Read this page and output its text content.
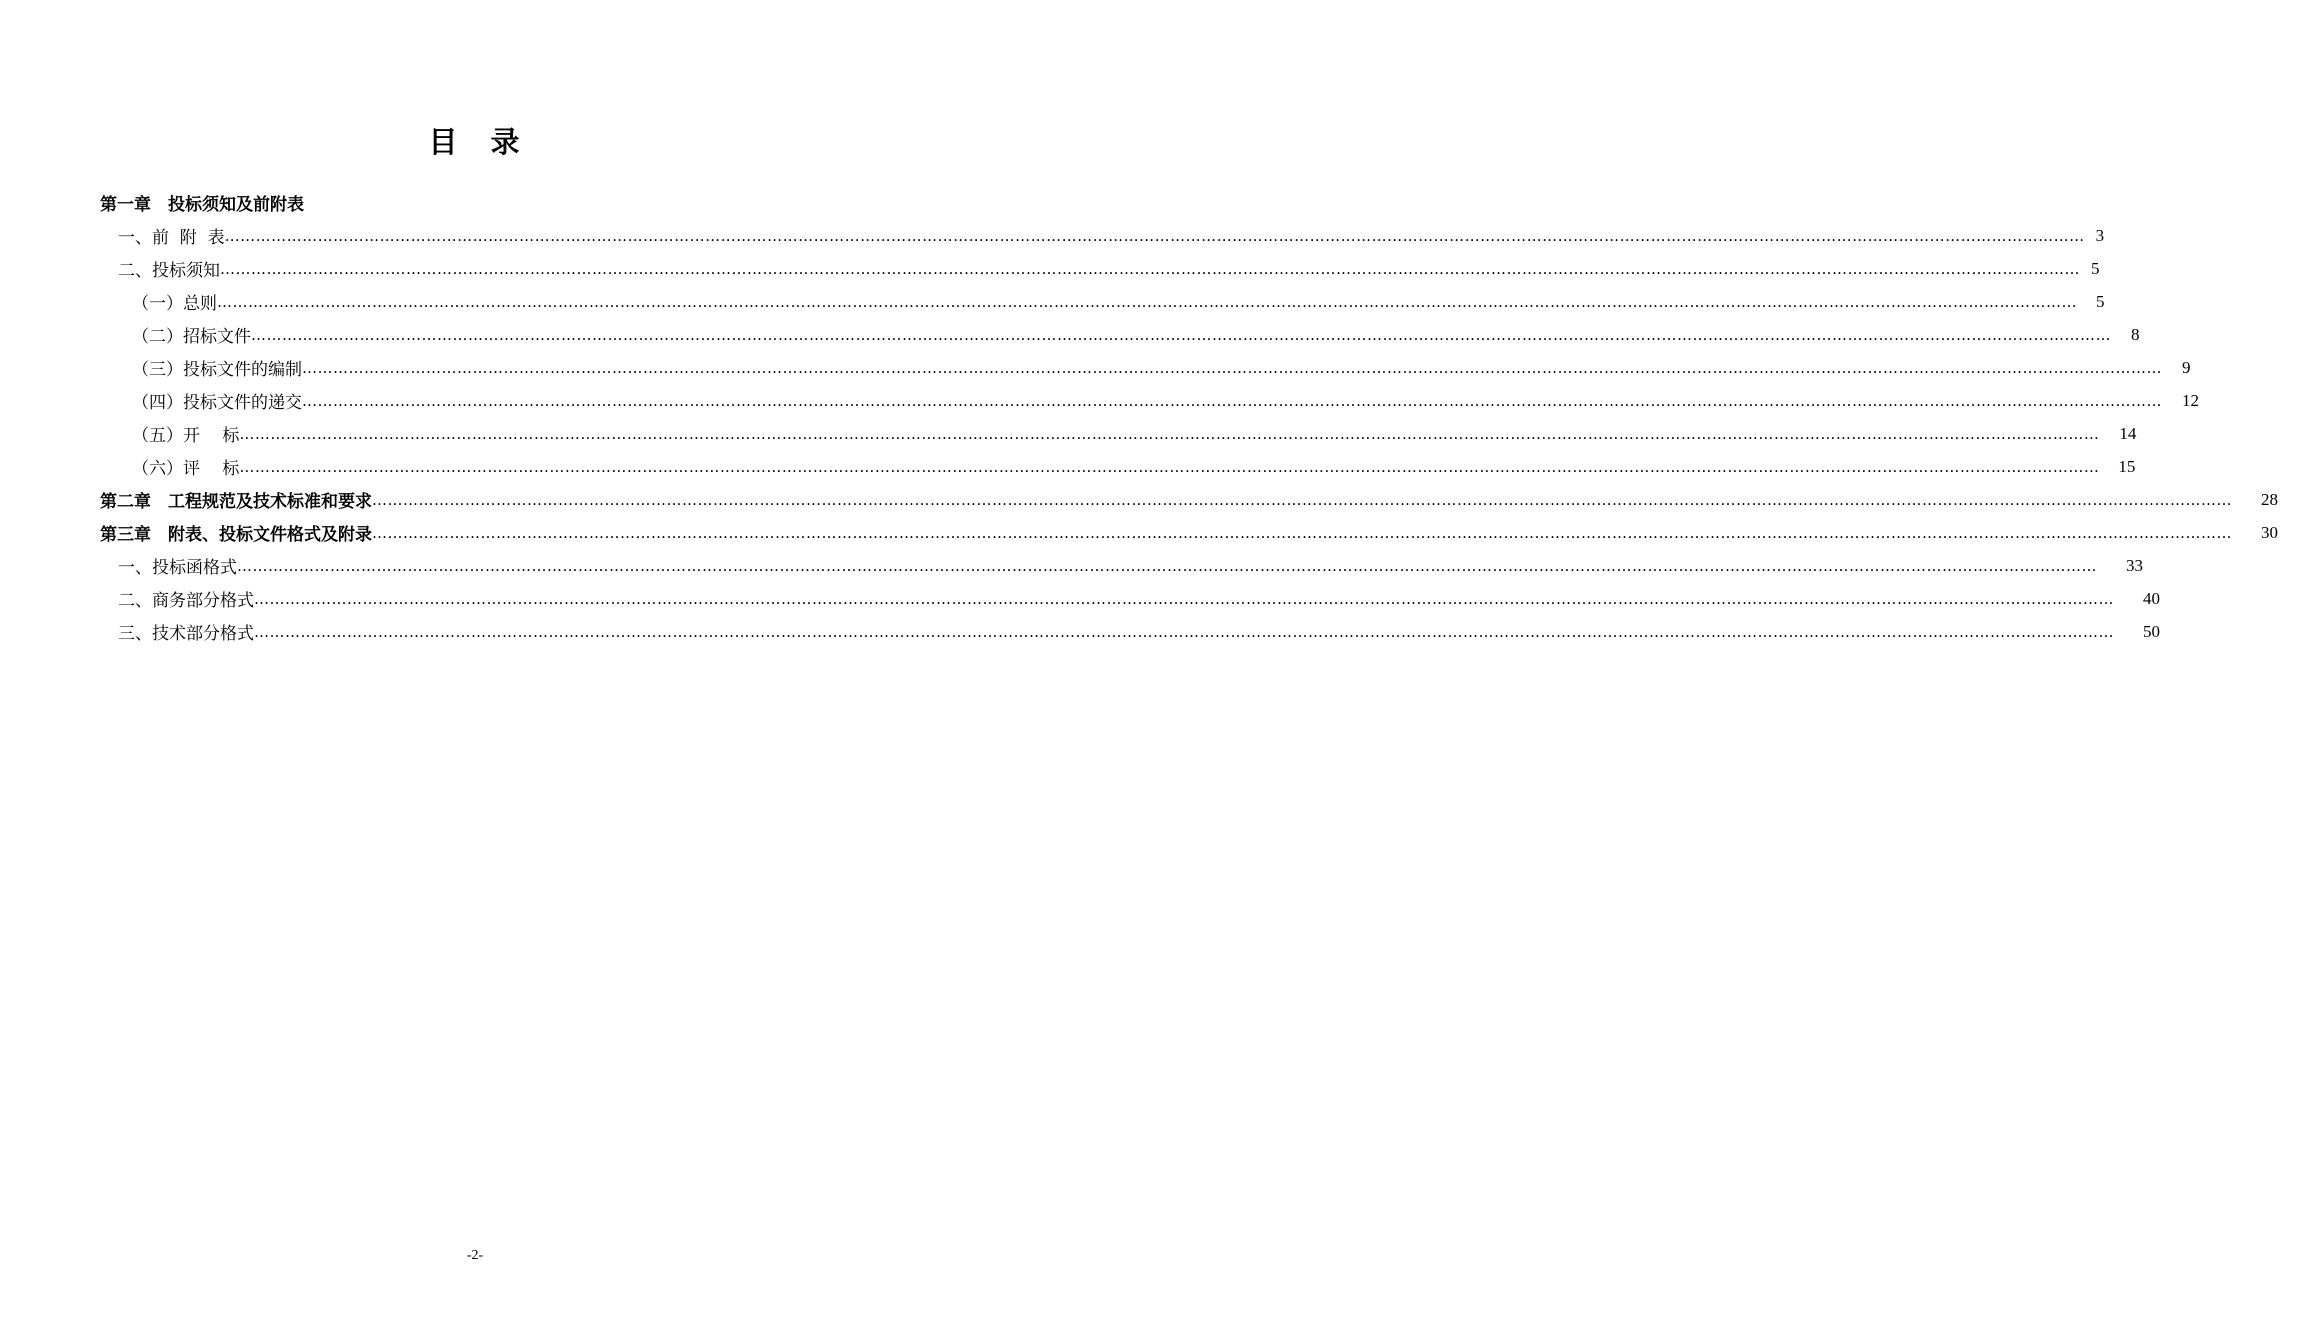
目　录
第一章　投标须知及前附表
一、前  附  表 ……………………………………………………………………………………………………………………………………………………………………………………………………………………………………………………………………………………………………………………………… 3
二、投标须知 ……………………………………………………………………………………………………………………………………………………………………………………………………………………………………………………………………………………………………………………………… 5
（一）总则 ……………………………………………………………………………………………………………………………………………………………………………………………………………………………………………………………………………………………………………………………… 5
（二）招标文件 ……………………………………………………………………………………………………………………………………………………………………………………………………………………………………………………………………………………………………………………………… 8
（三）投标文件的编制 ……………………………………………………………………………………………………………………………………………………………………………………………………………………………………………………………………………………………………………………………… 9
（四）投标文件的递交 ……………………………………………………………………………………………………………………………………………………………………………………………………………………………………………………………………………………………………………………………… 12
（五）开　 标 ……………………………………………………………………………………………………………………………………………………………………………………………………………………………………………………………………………………………………………………………… 14
（六）评　 标 ……………………………………………………………………………………………………………………………………………………………………………………………………………………………………………………………………………………………………………………………… 15
第二章　工程规范及技术标准和要求 ……………………………………………………………………………………………………………………………………………………………………………………………………………………………………………………………………………………………………………………………… 28
第三章　附表、投标文件格式及附录 ……………………………………………………………………………………………………………………………………………………………………………………………………………………………………………………………………………………………………………………………… 30
一、投标函格式 ……………………………………………………………………………………………………………………………………………………………………………………………………………………………………………………………………………………………………………………………… 33
二、商务部分格式 ……………………………………………………………………………………………………………………………………………………………………………………………………………………………………………………………………………………………………………………………… 40
三、技术部分格式 ……………………………………………………………………………………………………………………………………………………………………………………………………………………………………………………………………………………………………………………………… 50
-2-
